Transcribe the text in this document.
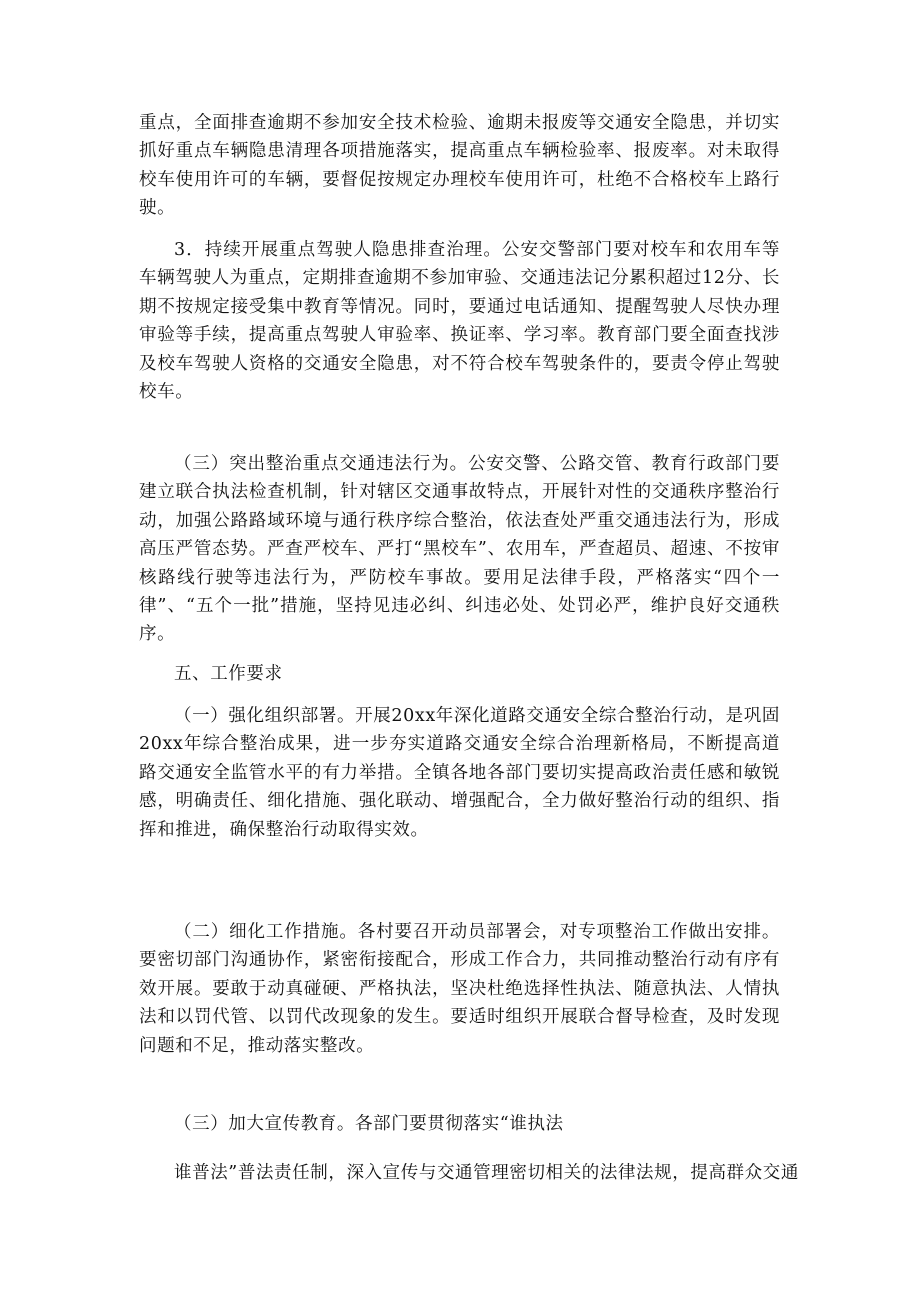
重点，全面排查逾期不参加安全技术检验、逾期未报废等交通安全隐患，并切实抓好重点车辆隐患清理各项措施落实，提高重点车辆检验率、报废率。对未取得校车使用许可的车辆，要督促按规定办理校车使用许可，杜绝不合格校车上路行驶。

3．持续开展重点驾驶人隐患排查治理。公安交警部门要对校车和农用车等车辆驾驶人为重点，定期排查逾期不参加审验、交通违法记分累积超过12分、长期不按规定接受集中教育等情况。同时，要通过电话通知、提醒驾驶人尽快办理审验等手续，提高重点驾驶人审验率、换证率、学习率。教育部门要全面查找涉及校车驾驶人资格的交通安全隐患，对不符合校车驾驶条件的，要责令停止驾驶校车。

（三）突出整治重点交通违法行为。公安交警、公路交管、教育行政部门要建立联合执法检查机制，针对辖区交通事故特点，开展针对性的交通秩序整治行动，加强公路路域环境与通行秩序综合整治，依法查处严重交通违法行为，形成高压严管态势。严查严校车、严打“黑校车”、农用车，严查超员、超速、不按审核路线行驶等违法行为，严防校车事故。要用足法律手段，严格落实“四个一律”、“五个一批”措施，坚持见违必纠、纠违必处、处罚必严，维护良好交通秩序。

五、工作要求

（一）强化组织部署。开展20xx年深化道路交通安全综合整治行动，是巩固20xx年综合整治成果，进一步夯实道路交通安全综合治理新格局，不断提高道路交通安全监管水平的有力举措。全镇各地各部门要切实提高政治责任感和敏锐感，明确责任、细化措施、强化联动、增强配合，全力做好整治行动的组织、指挥和推进，确保整治行动取得实效。

（二）细化工作措施。各村要召开动员部署会，对专项整治工作做出安排。要密切部门沟通协作，紧密衔接配合，形成工作合力，共同推动整治行动有序有效开展。要敢于动真碰硬、严格执法，坚决杜绝选择性执法、随意执法、人情执法和以罚代管、以罚代改现象的发生。要适时组织开展联合督导检查，及时发现问题和不足，推动落实整改。

（三）加大宣传教育。各部门要贯彻落实“谁执法

谁普法”普法责任制，深入宣传与交通管理密切相关的法律法规，提高群众交通
